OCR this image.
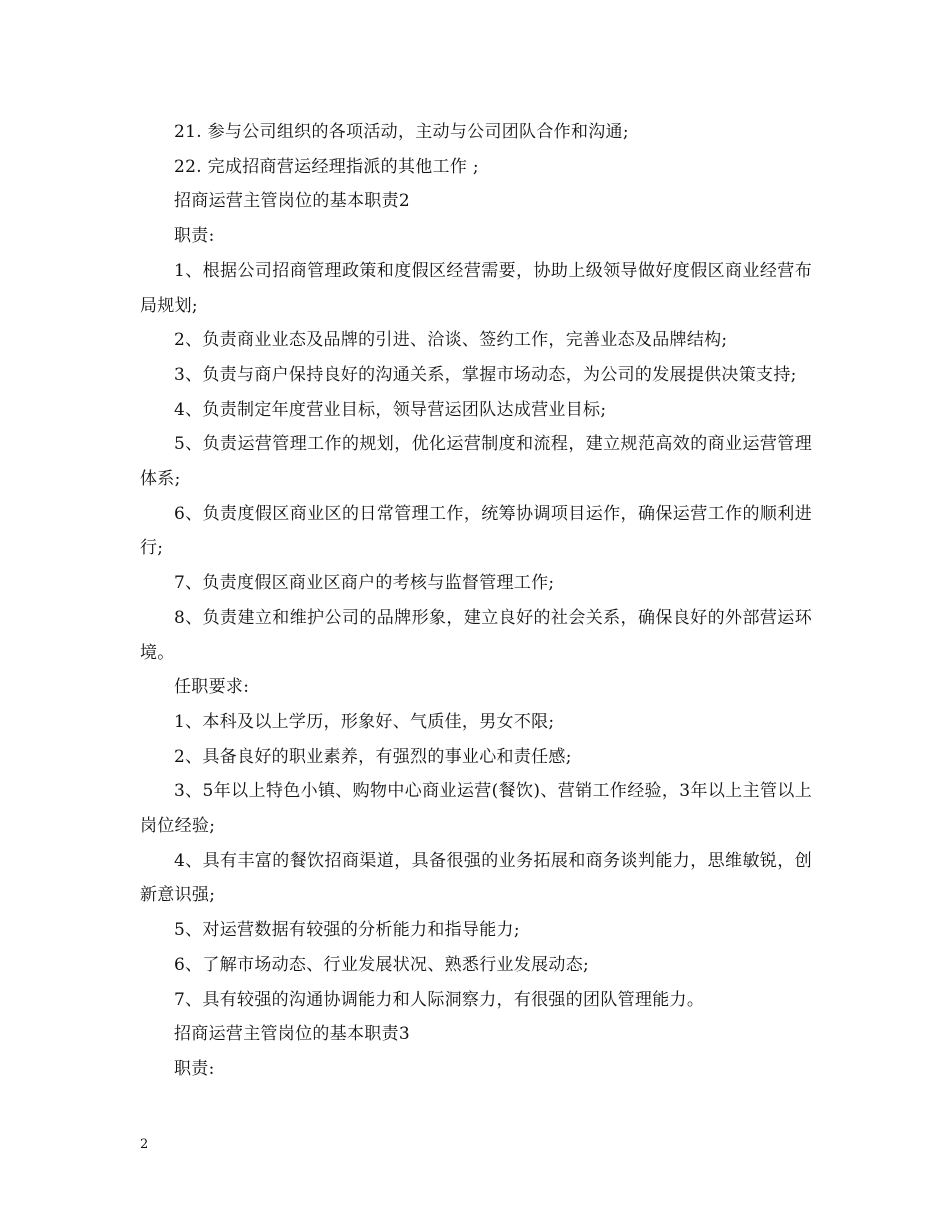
21. 参与公司组织的各项活动，主动与公司团队合作和沟通;

22. 完成招商营运经理指派的其他工作 ;

招商运营主管岗位的基本职责2

职责:

1、根据公司招商管理政策和度假区经营需要，协助上级领导做好度假区商业经营布局规划;

2、负责商业业态及品牌的引进、洽谈、签约工作，完善业态及品牌结构;

3、负责与商户保持良好的沟通关系，掌握市场动态，为公司的发展提供决策支持;

4、负责制定年度营业目标，领导营运团队达成营业目标;

5、负责运营管理工作的规划，优化运营制度和流程，建立规范高效的商业运营管理体系;

6、负责度假区商业区的日常管理工作，统筹协调项目运作，确保运营工作的顺利进行;

7、负责度假区商业区商户的考核与监督管理工作;

8、负责建立和维护公司的品牌形象，建立良好的社会关系，确保良好的外部营运环境。

任职要求:

1、本科及以上学历，形象好、气质佳，男女不限;

2、具备良好的职业素养，有强烈的事业心和责任感;

3、5年以上特色小镇、购物中心商业运营(餐饮)、营销工作经验，3年以上主管以上岗位经验;

4、具有丰富的餐饮招商渠道，具备很强的业务拓展和商务谈判能力，思维敏锐，创新意识强;

5、对运营数据有较强的分析能力和指导能力;

6、了解市场动态、行业发展状况、熟悉行业发展动态;

7、具有较强的沟通协调能力和人际洞察力，有很强的团队管理能力。

招商运营主管岗位的基本职责3

职责:

2
